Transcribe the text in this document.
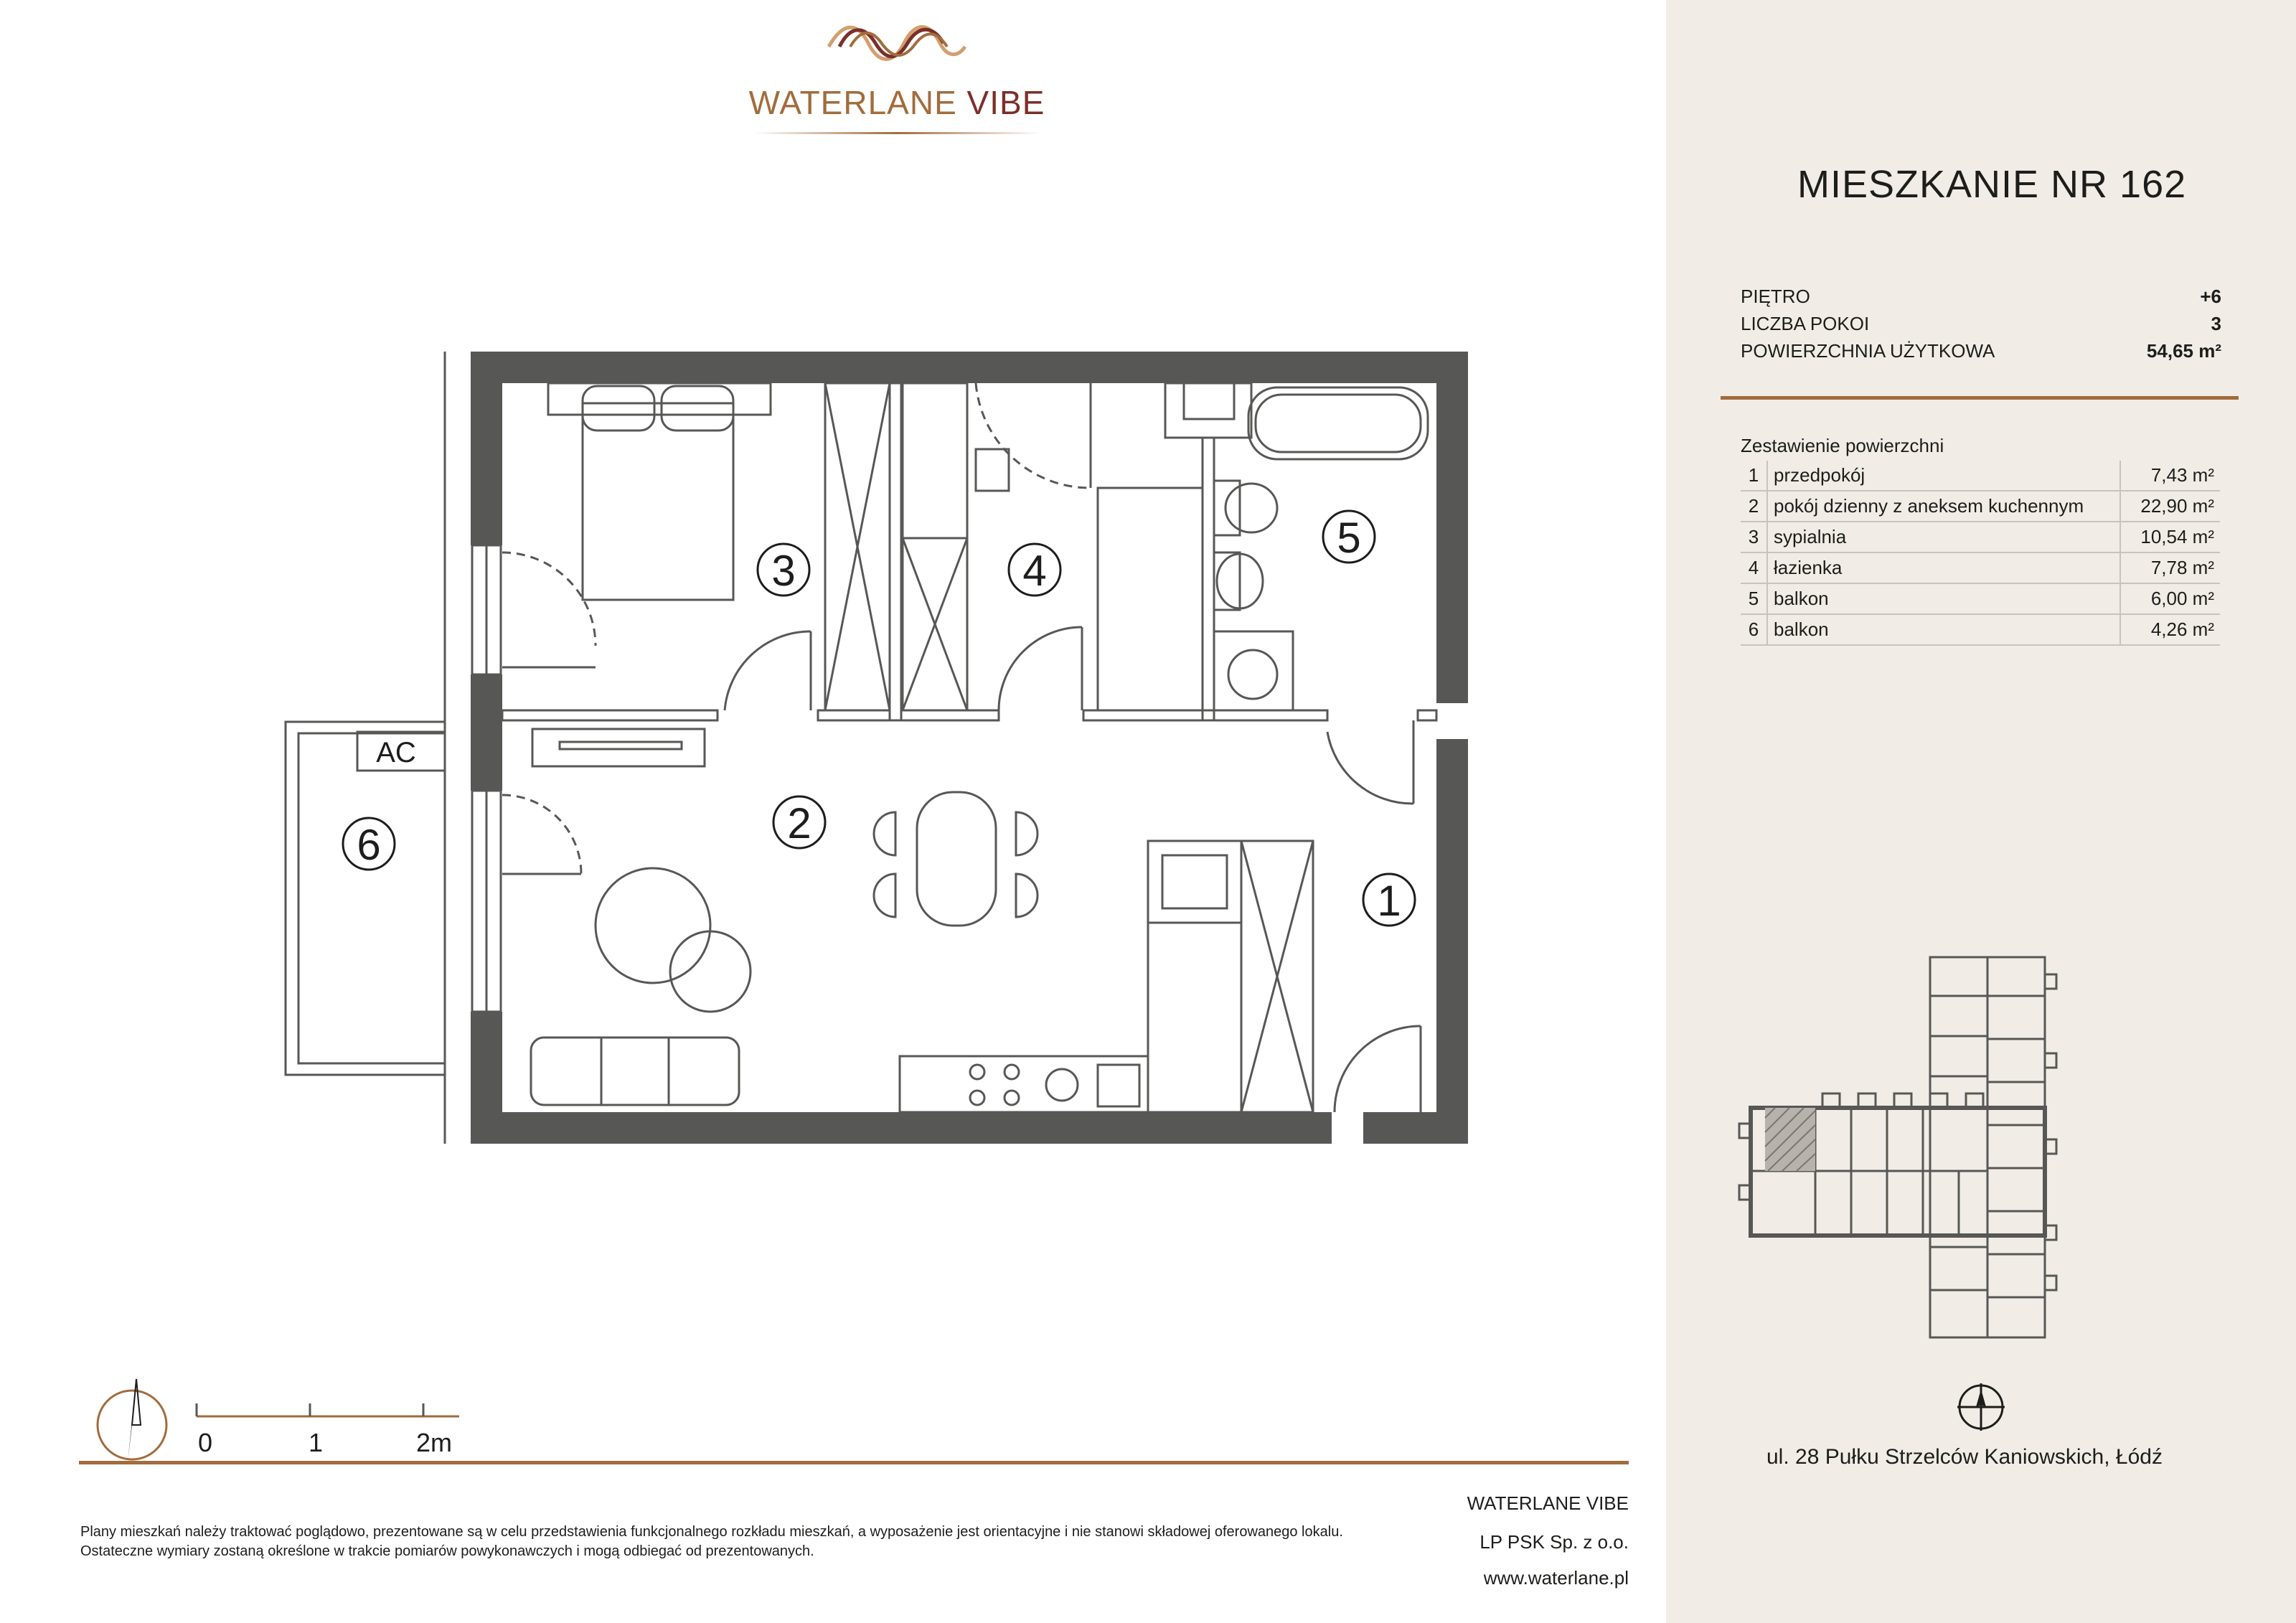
WATERLANE VIBE
AC
1
2
3	4
5
6
MIESZKANIE NR 162
PIĘTRO	+6
LICZBA POKOI	3
POWIERZCHNIA UŻYTKOWA	54,65 m²
Zestawienie powierzchni
1	przedpokój	7,43 m²
2	pokój dzienny z aneksem kuchennym	22,90 m²
3	sypialnia	10,54 m²
4	łazienka	7,78 m²
5	balkon	6,00 m²
6	balkon	4,26 m²
ul. 28 Pułku Strzelców Kaniowskich, Łódź
0	1	2m
Plany mieszkań należy traktować poglądowo, prezentowane są w celu przedstawienia funkcjonalnego rozkładu mieszkań, a wyposażenie jest orientacyjne i nie stanowi składowej oferowanego lokalu.
Ostateczne wymiary zostaną określone w trakcie pomiarów powykonawczych i mogą odbiegać od prezentowanych.
WATERLANE VIBE
LP PSK Sp. z o.o.
www.waterlane.pl
